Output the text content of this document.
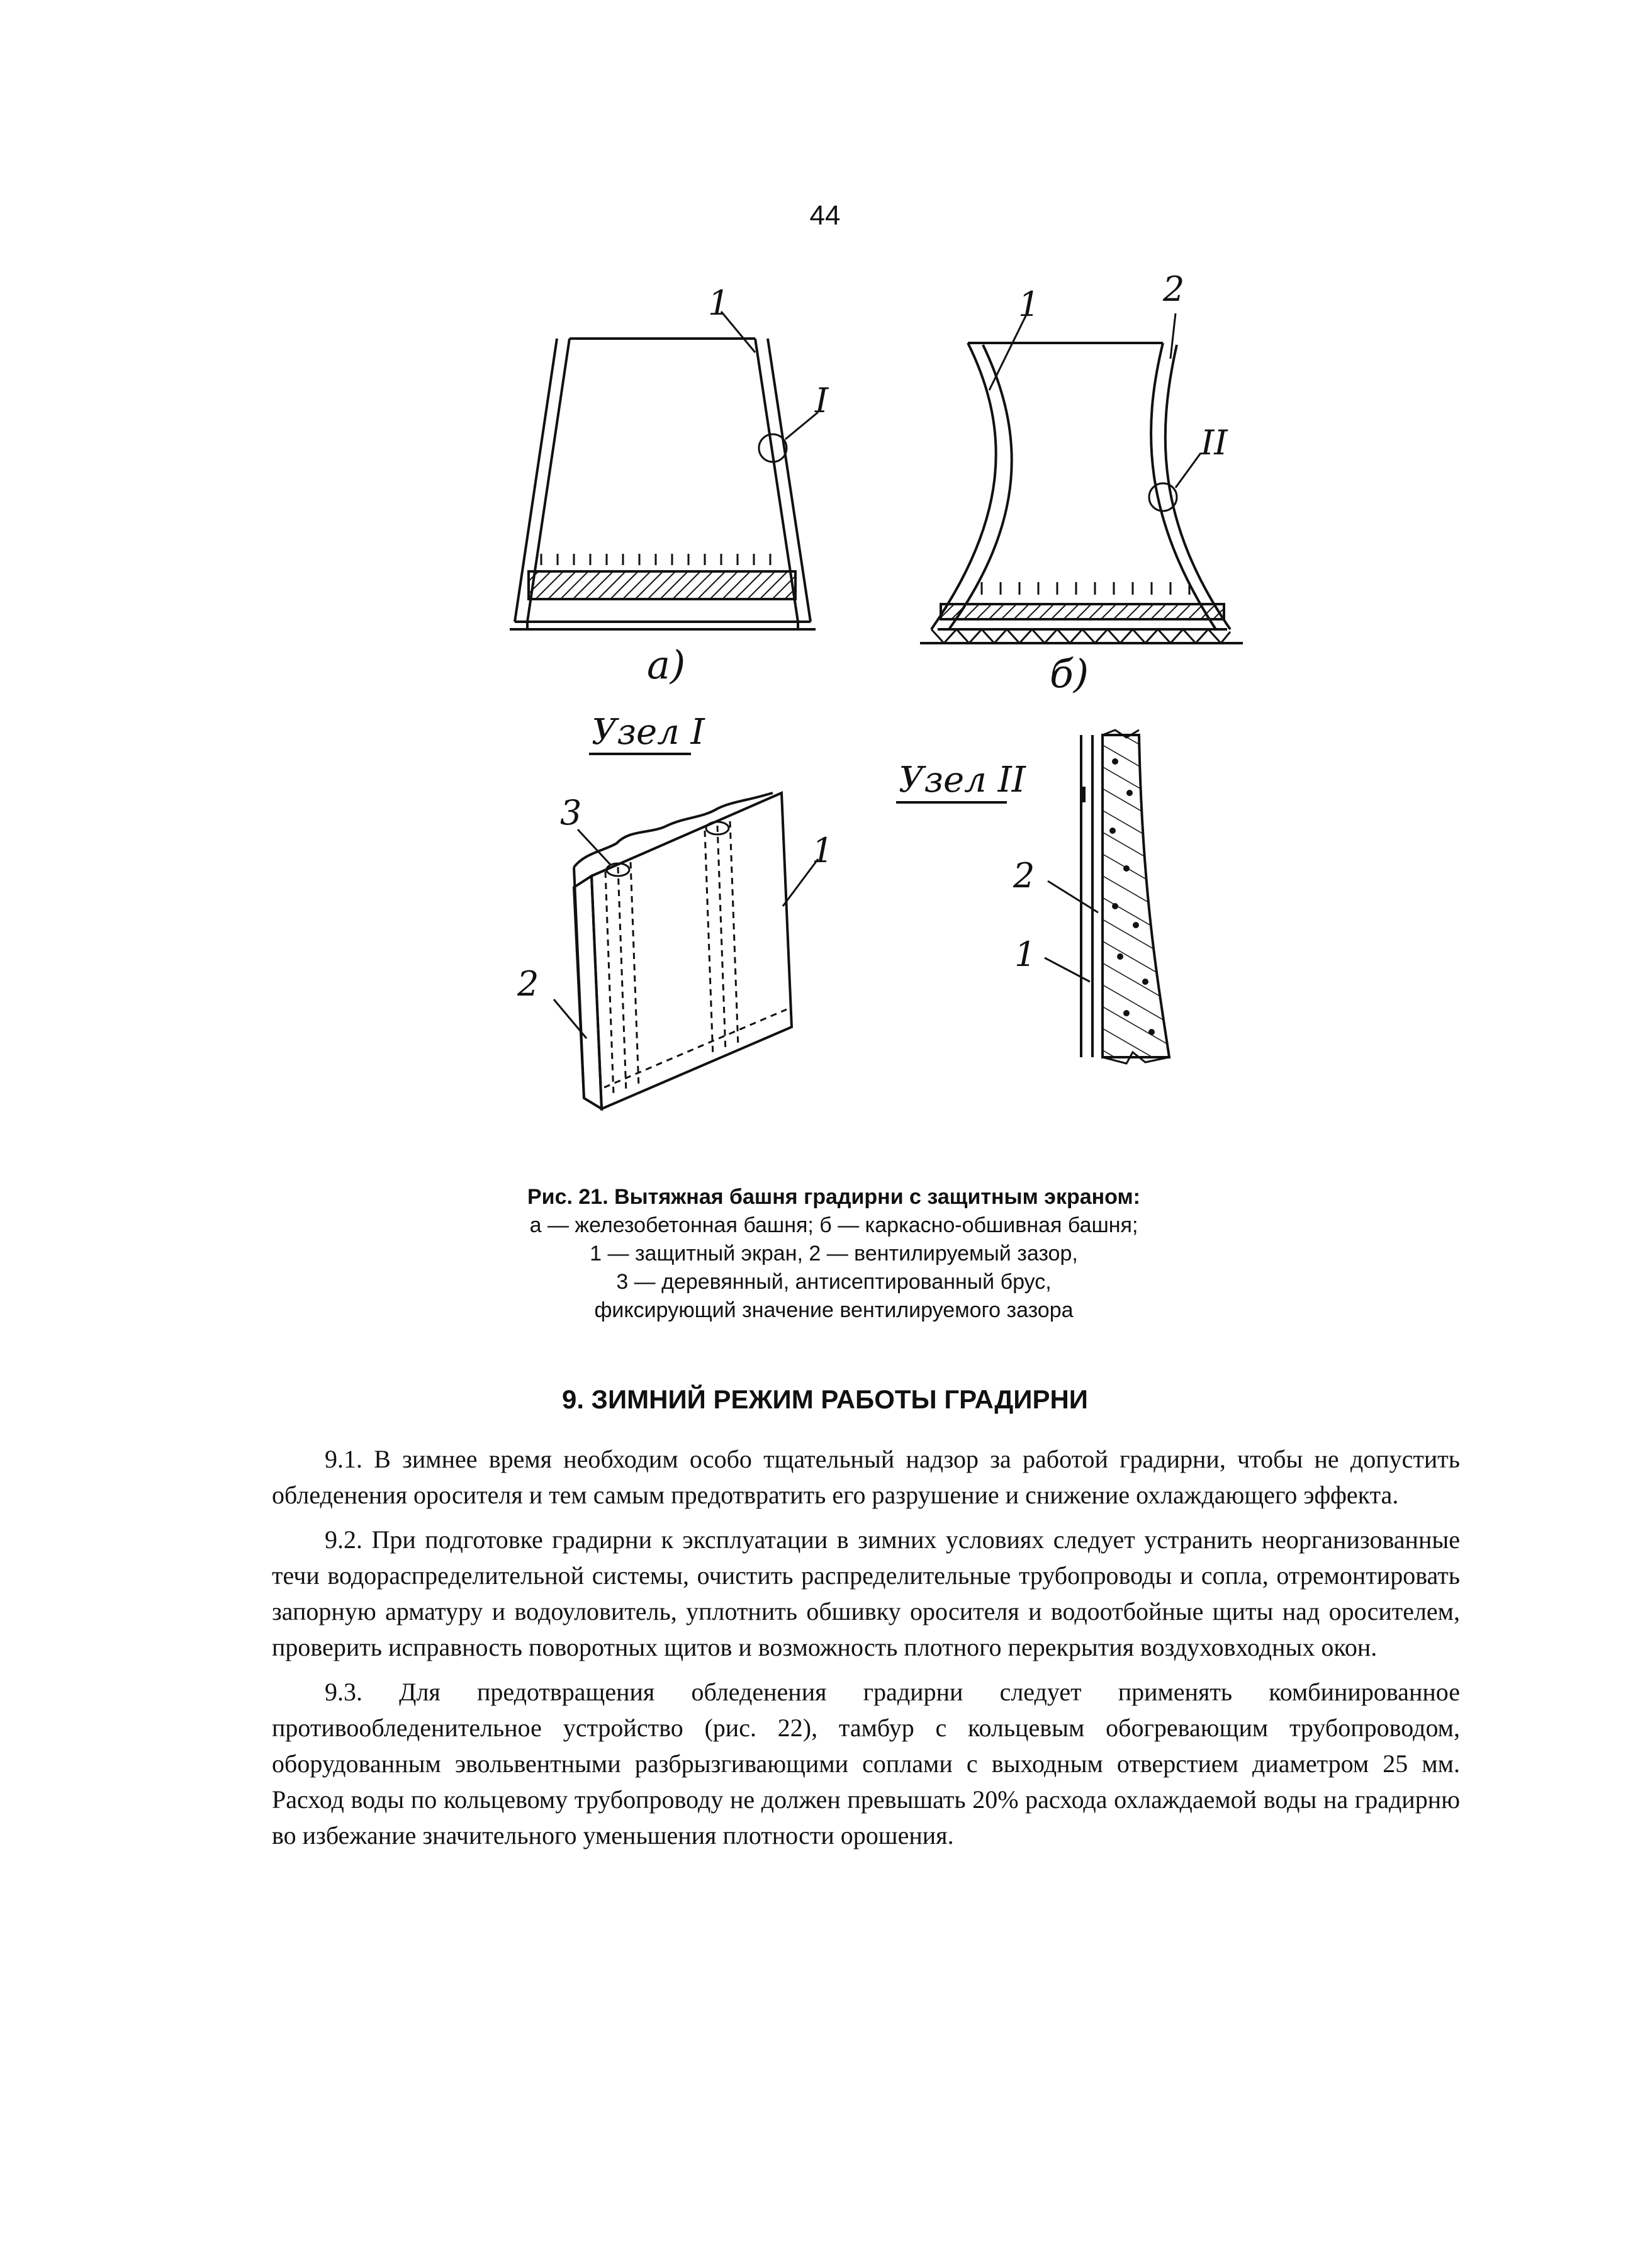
44
1
I
а)
1	2
II
б)
Узел I
3
1
2
Узел II
2
1
Рис. 21. Вытяжная башня градирни с защитным экраном:
а — железобетонная башня; б — каркасно-обшивная башня;
1 — защитный экран, 2 — вентилируемый зазор,
3 — деревянный, антисептированный брус,
фиксирующий значение вентилируемого зазора
9. ЗИМНИЙ РЕЖИМ РАБОТЫ ГРАДИРНИ

9.1. В зимнее время необходим особо тщательный надзор за работой градирни, чтобы не допустить обледенения оросителя и тем самым предотвратить его разрушение и снижение охлаждающего эффекта.

9.2. При подготовке градирни к эксплуатации в зимних условиях следует устранить неорганизованные течи водораспределительной системы, очистить распределительные трубопроводы и сопла, отремонтировать запорную арматуру и водоуловитель, уплотнить обшивку оросителя и водоотбойные щиты над оросителем, проверить исправность поворотных щитов и возможность плотного перекрытия воздуховходных окон.

9.3. Для предотвращения обледенения градирни следует применять комбинированное противообледенительное устройство (рис. 22), тамбур с кольцевым обогревающим трубопроводом, оборудованным эвольвентными разбрызгивающими соплами с выходным отверстием диаметром 25 мм. Расход воды по кольцевому трубопроводу не должен превышать 20% расхода охлаждаемой воды на градирню во избежание значительного уменьшения плотности орошения.
